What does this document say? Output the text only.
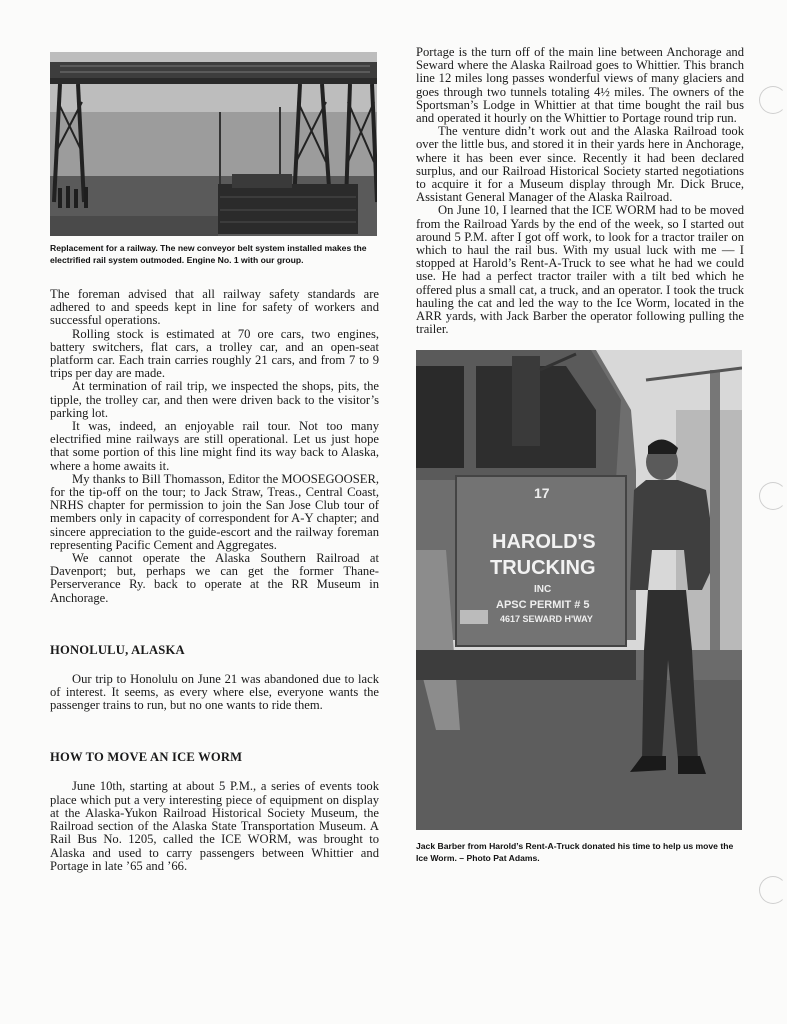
Replacement for a railway. The new conveyor belt system installed makes the electrified rail system outmoded. Engine No. 1 with our group.

The foreman advised that all railway safety standards are adhered to and speeds kept in line for safety of workers and successful operations.

Rolling stock is estimated at 70 ore cars, two engines, battery switchers, flat cars, a trolley car, and an open-seat platform car. Each train carries roughly 21 cars, and from 7 to 9 trips per day are made.

At termination of rail trip, we inspected the shops, pits, the tipple, the trolley car, and then were driven back to the visitor’s parking lot.

It was, indeed, an enjoyable rail tour. Not too many electrified mine railways are still operational. Let us just hope that some portion of this line might find its way back to Alaska, where a home awaits it.

My thanks to Bill Thomasson, Editor the MOOSEGOOSER, for the tip-off on the tour; to Jack Straw, Treas., Central Coast, NRHS chapter for permission to join the San Jose Club tour of members only in capacity of correspondent for A-Y chapter; and sincere appreciation to the guide-escort and the railway foreman representing Pacific Cement and Aggregates.

We cannot operate the Alaska Southern Railroad at Davenport; but, perhaps we can get the former Thane-Perserverance Ry. back to operate at the RR Museum in Anchorage.

HONOLULU, ALASKA

Our trip to Honolulu on June 21 was abandoned due to lack of interest. It seems, as every where else, everyone wants the passenger trains to run, but no one wants to ride them.

HOW TO MOVE AN ICE WORM

June 10th, starting at about 5 P.M., a series of events took place which put a very interesting piece of equipment on display at the Alaska-Yukon Railroad Historical Society Museum, the Railroad section of the Alaska State Transportation Museum. A Rail Bus No. 1205, called the ICE WORM, was brought to Alaska and used to carry passengers between Whittier and Portage in late ’65 and ’66.

Portage is the turn off of the main line between Anchorage and Seward where the Alaska Railroad goes to Whittier. This branch line 12 miles long passes wonderful views of many glaciers and goes through two tunnels totaling 4½ miles. The owners of the Sportsman’s Lodge in Whittier at that time bought the rail bus and operated it hourly on the Whittier to Portage round trip run.

The venture didn’t work out and the Alaska Railroad took over the little bus, and stored it in their yards here in Anchorage, where it has been ever since. Recently it had been declared surplus, and our Railroad Historical Society started negotiations to acquire it for a Museum display through Mr. Dick Bruce, Assistant General Manager of the Alaska Railroad.

On June 10, I learned that the ICE WORM had to be moved from the Railroad Yards by the end of the week, so I started out around 5 P.M. after I got off work, to look for a tractor trailer on which to haul the rail bus. With my usual luck with me — I stopped at Harold’s Rent-A-Truck to see what he had we could use. He had a perfect tractor trailer with a tilt bed which he offered plus a small cat, a truck, and an operator. I took the truck hauling the cat and led the way to the Ice Worm, located in the ARR yards, with Jack Barber the operator following pulling the trailer.

17
HAROLD'S
TRUCKING
INC
APSC PERMIT # 5
4617 SEWARD H'WAY
Jack Barber from Harold’s Rent-A-Truck donated his time to help us move the Ice Worm. – Photo Pat Adams.
